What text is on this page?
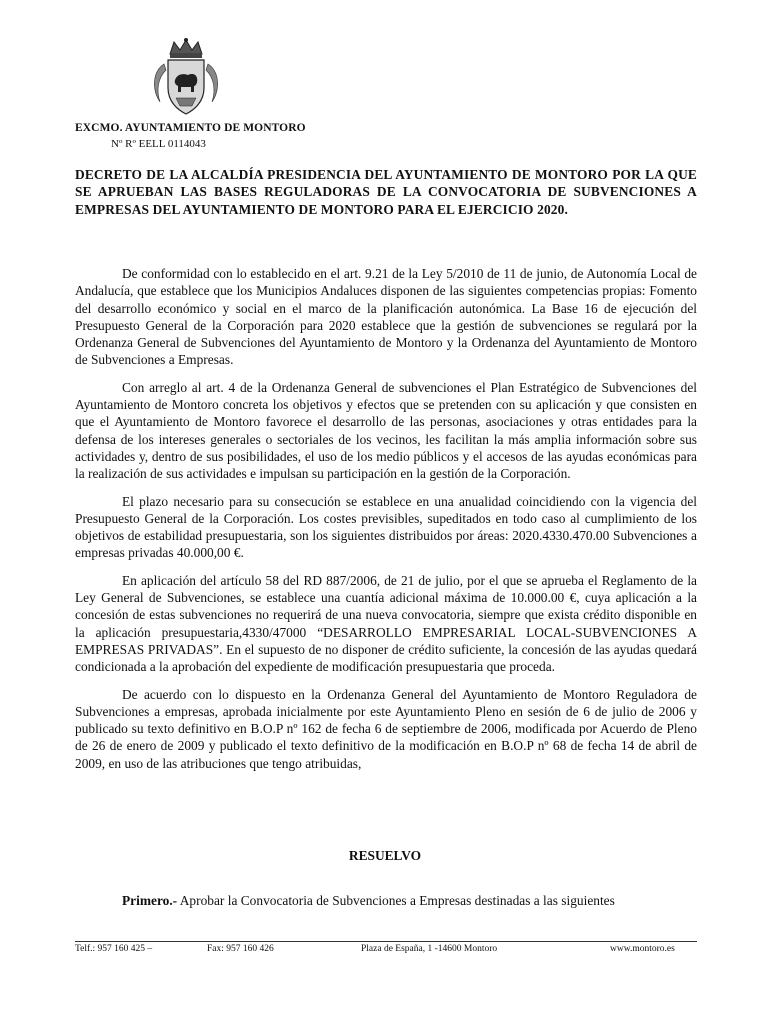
EXCMO. AYUNTAMIENTO DE MONTORO
Nº Rº EELL 0114043

DECRETO DE LA ALCALDÍA PRESIDENCIA DEL AYUNTAMIENTO DE MONTORO POR LA QUE SE APRUEBAN LAS BASES REGULADORAS DE LA CONVOCATORIA DE SUBVENCIONES A EMPRESAS DEL AYUNTAMIENTO DE MONTORO PARA EL EJERCICIO 2020.

De conformidad con lo establecido en el art. 9.21 de la Ley 5/2010 de 11 de junio, de Autonomía Local de Andalucía, que establece que los Municipios Andaluces disponen de las siguientes competencias propias: Fomento del desarrollo económico y social en el marco de la planificación autonómica. La Base 16 de ejecución del Presupuesto General de la Corporación para 2020 establece que la gestión de subvenciones se regulará por la Ordenanza General de Subvenciones del Ayuntamiento de Montoro y la Ordenanza del Ayuntamiento de Montoro de Subvenciones a Empresas.

Con arreglo al art. 4 de la Ordenanza General de subvenciones el Plan Estratégico de Subvenciones del Ayuntamiento de Montoro concreta los objetivos y efectos que se pretenden con su aplicación y que consisten en que el Ayuntamiento de Montoro favorece el desarrollo de las personas, asociaciones y otras entidades para la defensa de los intereses generales o sectoriales de los vecinos, les facilitan la más amplia información sobre sus actividades y, dentro de sus posibilidades, el uso de los medio públicos y el accesos de las ayudas económicas para la realización de sus actividades e impulsan su participación en la gestión de la Corporación.

El plazo necesario para su consecución se establece en una anualidad coincidiendo con la vigencia del Presupuesto General de la Corporación. Los costes previsibles, supeditados en todo caso al cumplimiento de los objetivos de estabilidad presupuestaria, son los siguientes distribuidos por áreas: 2020.4330.470.00 Subvenciones a empresas privadas 40.000,00 €.

En aplicación del artículo 58 del RD 887/2006, de 21 de julio, por el que se aprueba el Reglamento de la Ley General de Subvenciones, se establece una cuantía adicional máxima de 10.000.00 €, cuya aplicación a la concesión de estas subvenciones no requerirá de una nueva convocatoria, siempre que exista crédito disponible en la aplicación presupuestaria,4330/47000 “DESARROLLO EMPRESARIAL LOCAL-SUBVENCIONES A EMPRESAS PRIVADAS”. En el supuesto de no disponer de crédito suficiente, la concesión de las ayudas quedará condicionada a la aprobación del expediente de modificación presupuestaria que proceda.

De acuerdo con lo dispuesto en la Ordenanza General del Ayuntamiento de Montoro Reguladora de Subvenciones a empresas, aprobada inicialmente por este Ayuntamiento Pleno en sesión de 6 de julio de 2006 y publicado su texto definitivo en B.O.P nº 162 de fecha 6 de septiembre de 2006, modificada por Acuerdo de Pleno de 26 de enero de 2009 y publicado el texto definitivo de la modificación en B.O.P nº 68 de fecha 14 de abril de 2009, en uso de las atribuciones que tengo atribuidas,

RESUELVO
Primero.- Aprobar la Convocatoria de Subvenciones a Empresas destinadas a las siguientes
Telf.: 957 160 425 –	Fax: 957 160 426	Plaza de España, 1 -14600 Montoro	www.montoro.es
